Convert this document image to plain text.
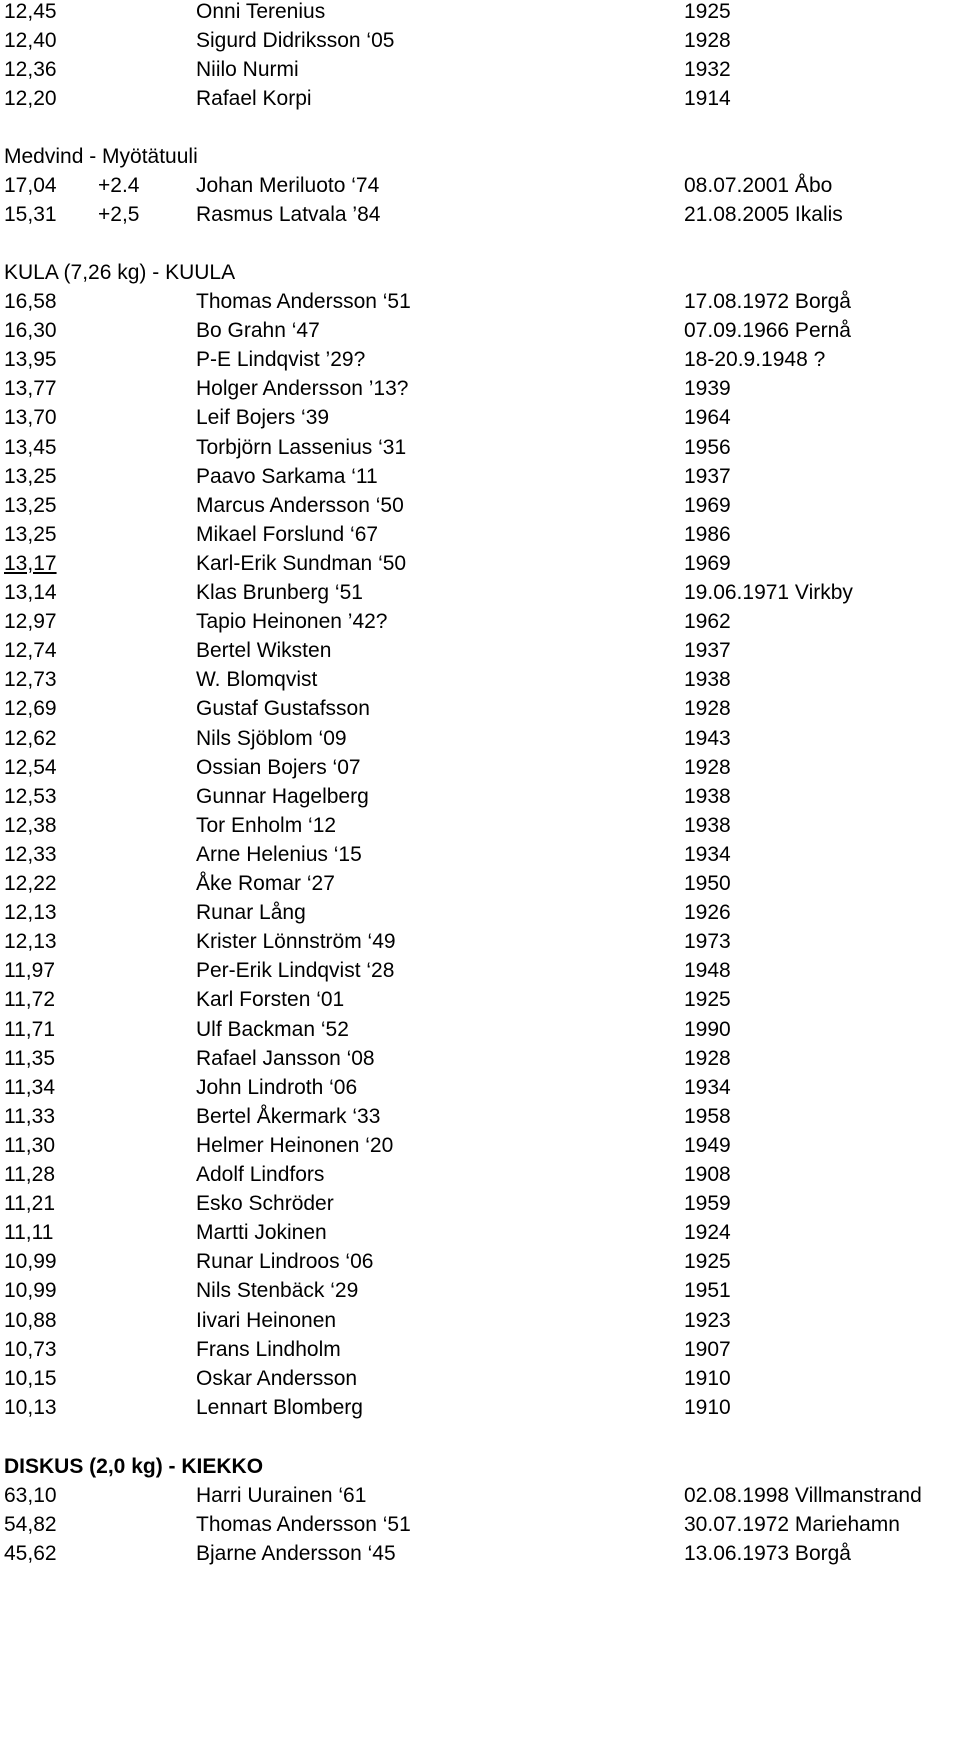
12,45	Onni Terenius	1925
12,40	Sigurd Didriksson ‘05	1928
12,36	Niilo Nurmi	1932
12,20	Rafael Korpi	1914
Medvind - Myötätuuli
17,04 +2.4	Johan Meriluoto ‘74	08.07.2001 Åbo
15,31 +2,5	Rasmus Latvala ’84	21.08.2005 Ikalis
KULA (7,26 kg) - KUULA
16,58	Thomas Andersson ‘51	17.08.1972 Borgå
16,30	Bo Grahn ‘47	07.09.1966 Pernå
13,95	P-E Lindqvist ’29?	18-20.9.1948 ?
13,77	Holger Andersson ’13?	1939
13,70	Leif Bojers ‘39	1964
13,45	Torbjörn Lassenius ‘31	1956
13,25	Paavo Sarkama ‘11	1937
13,25	Marcus Andersson ‘50	1969
13,25	Mikael Forslund ‘67	1986
13,17	Karl-Erik Sundman ‘50	1969
13,14	Klas Brunberg ‘51	19.06.1971 Virkby
12,97	Tapio Heinonen ’42?	1962
12,74	Bertel Wiksten	1937
12,73	W. Blomqvist	1938
12,69	Gustaf Gustafsson	1928
12,62	Nils Sjöblom ‘09	1943
12,54	Ossian Bojers ‘07	1928
12,53	Gunnar Hagelberg	1938
12,38	Tor Enholm ‘12	1938
12,33	Arne Helenius ‘15	1934
12,22	Åke Romar ‘27	1950
12,13	Runar Lång	1926
12,13	Krister Lönnström ‘49	1973
11,97	Per-Erik Lindqvist ‘28	1948
11,72	Karl Forsten ‘01	1925
11,71	Ulf Backman ‘52	1990
11,35	Rafael Jansson ‘08	1928
11,34	John Lindroth ‘06	1934
11,33	Bertel Åkermark ‘33	1958
11,30	Helmer Heinonen ‘20	1949
11,28	Adolf Lindfors	1908
11,21	Esko Schröder	1959
11,11	Martti Jokinen	1924
10,99	Runar Lindroos ‘06	1925
10,99	Nils Stenbäck ‘29	1951
10,88	Iivari Heinonen	1923
10,73	Frans Lindholm	1907
10,15	Oskar Andersson	1910
10,13	Lennart Blomberg	1910
DISKUS (2,0 kg) - KIEKKO
63,10	Harri Uurainen ‘61	02.08.1998 Villmanstrand
54,82	Thomas Andersson ‘51	30.07.1972 Mariehamn
45,62	Bjarne Andersson ‘45	13.06.1973 Borgå
